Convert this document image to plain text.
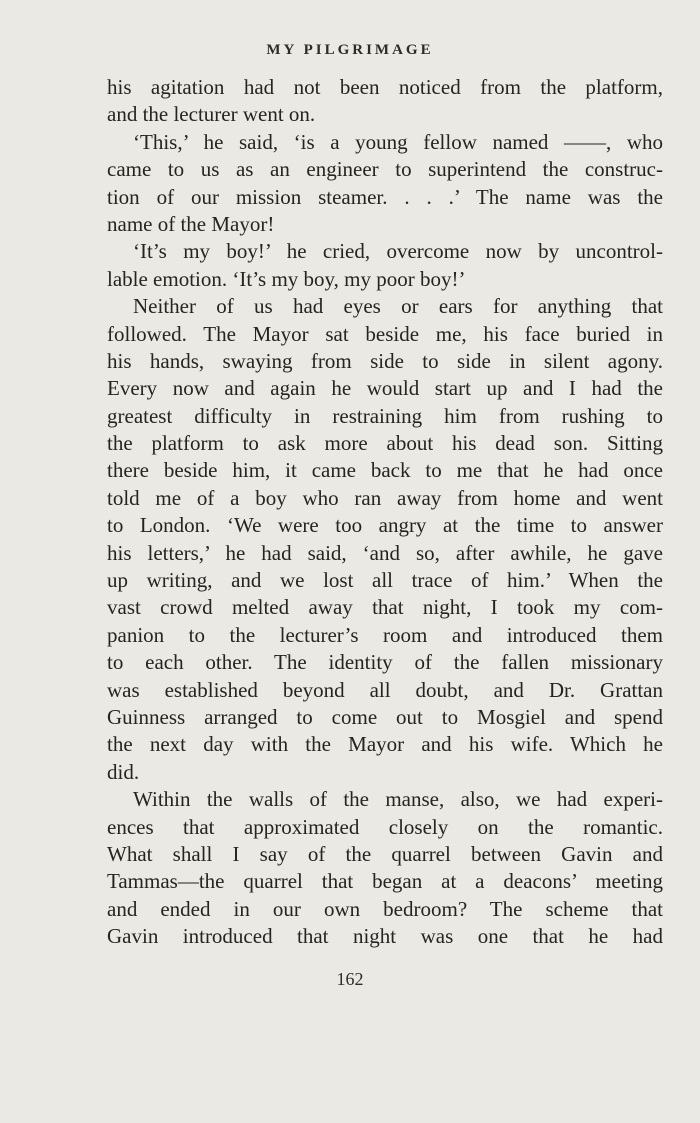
MY PILGRIMAGE
his agitation had not been noticed from the platform,
and the lecturer went on.
‘This,’ he said, ‘is a young fellow named ——, who
came to us as an engineer to superintend the construc-
tion of our mission steamer. . . .’ The name was the
name of the Mayor!
‘It’s my boy!’ he cried, overcome now by uncontrol-
lable emotion. ‘It’s my boy, my poor boy!’
Neither of us had eyes or ears for anything that
followed. The Mayor sat beside me, his face buried in
his hands, swaying from side to side in silent agony.
Every now and again he would start up and I had the
greatest difficulty in restraining him from rushing to
the platform to ask more about his dead son. Sitting
there beside him, it came back to me that he had once
told me of a boy who ran away from home and went
to London. ‘We were too angry at the time to answer
his letters,’ he had said, ‘and so, after awhile, he gave
up writing, and we lost all trace of him.’ When the
vast crowd melted away that night, I took my com-
panion to the lecturer’s room and introduced them
to each other. The identity of the fallen missionary
was established beyond all doubt, and Dr. Grattan
Guinness arranged to come out to Mosgiel and spend
the next day with the Mayor and his wife. Which he
did.
Within the walls of the manse, also, we had experi-
ences that approximated closely on the romantic.
What shall I say of the quarrel between Gavin and
Tammas—the quarrel that began at a deacons’ meeting
and ended in our own bedroom? The scheme that
Gavin introduced that night was one that he had
162
